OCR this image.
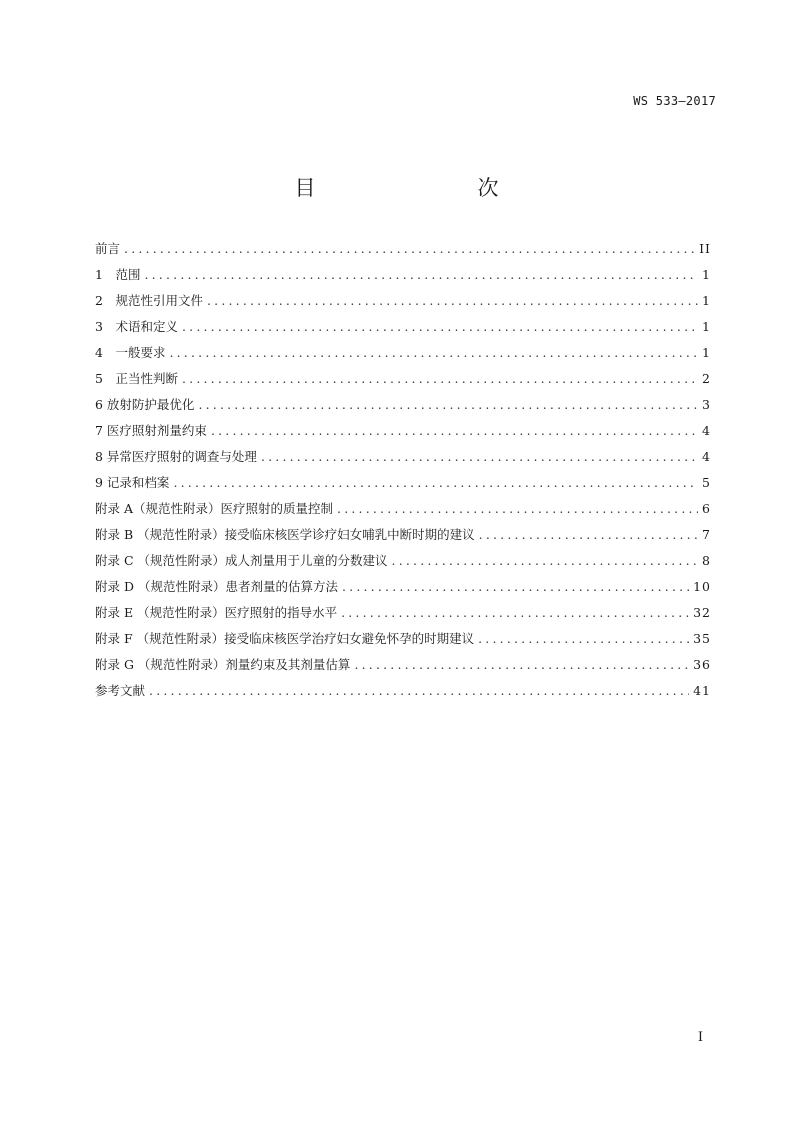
WS 533—2017
目　　次
前言 .....	II
1　范围 .....	1
2　规范性引用文件 .....	1
3　术语和定义 .....	1
4　一般要求 .....	1
5　正当性判断 .....	2
6 放射防护最优化 .....	3
7 医疗照射剂量约束 .....	4
8 异常医疗照射的调查与处理 .....	4
9 记录和档案 .....	5
附录 A（规范性附录）医疗照射的质量控制 .....	6
附录 B （规范性附录）接受临床核医学诊疗妇女哺乳中断时期的建议 .....	7
附录 C （规范性附录）成人剂量用于儿童的分数建议 .....	8
附录 D （规范性附录）患者剂量的估算方法 .....	10
附录 E （规范性附录）医疗照射的指导水平 .....	32
附录 F （规范性附录）接受临床核医学治疗妇女避免怀孕的时期建议 .....	35
附录 G （规范性附录）剂量约束及其剂量估算 .....	36
参考文献 .....	41
I
